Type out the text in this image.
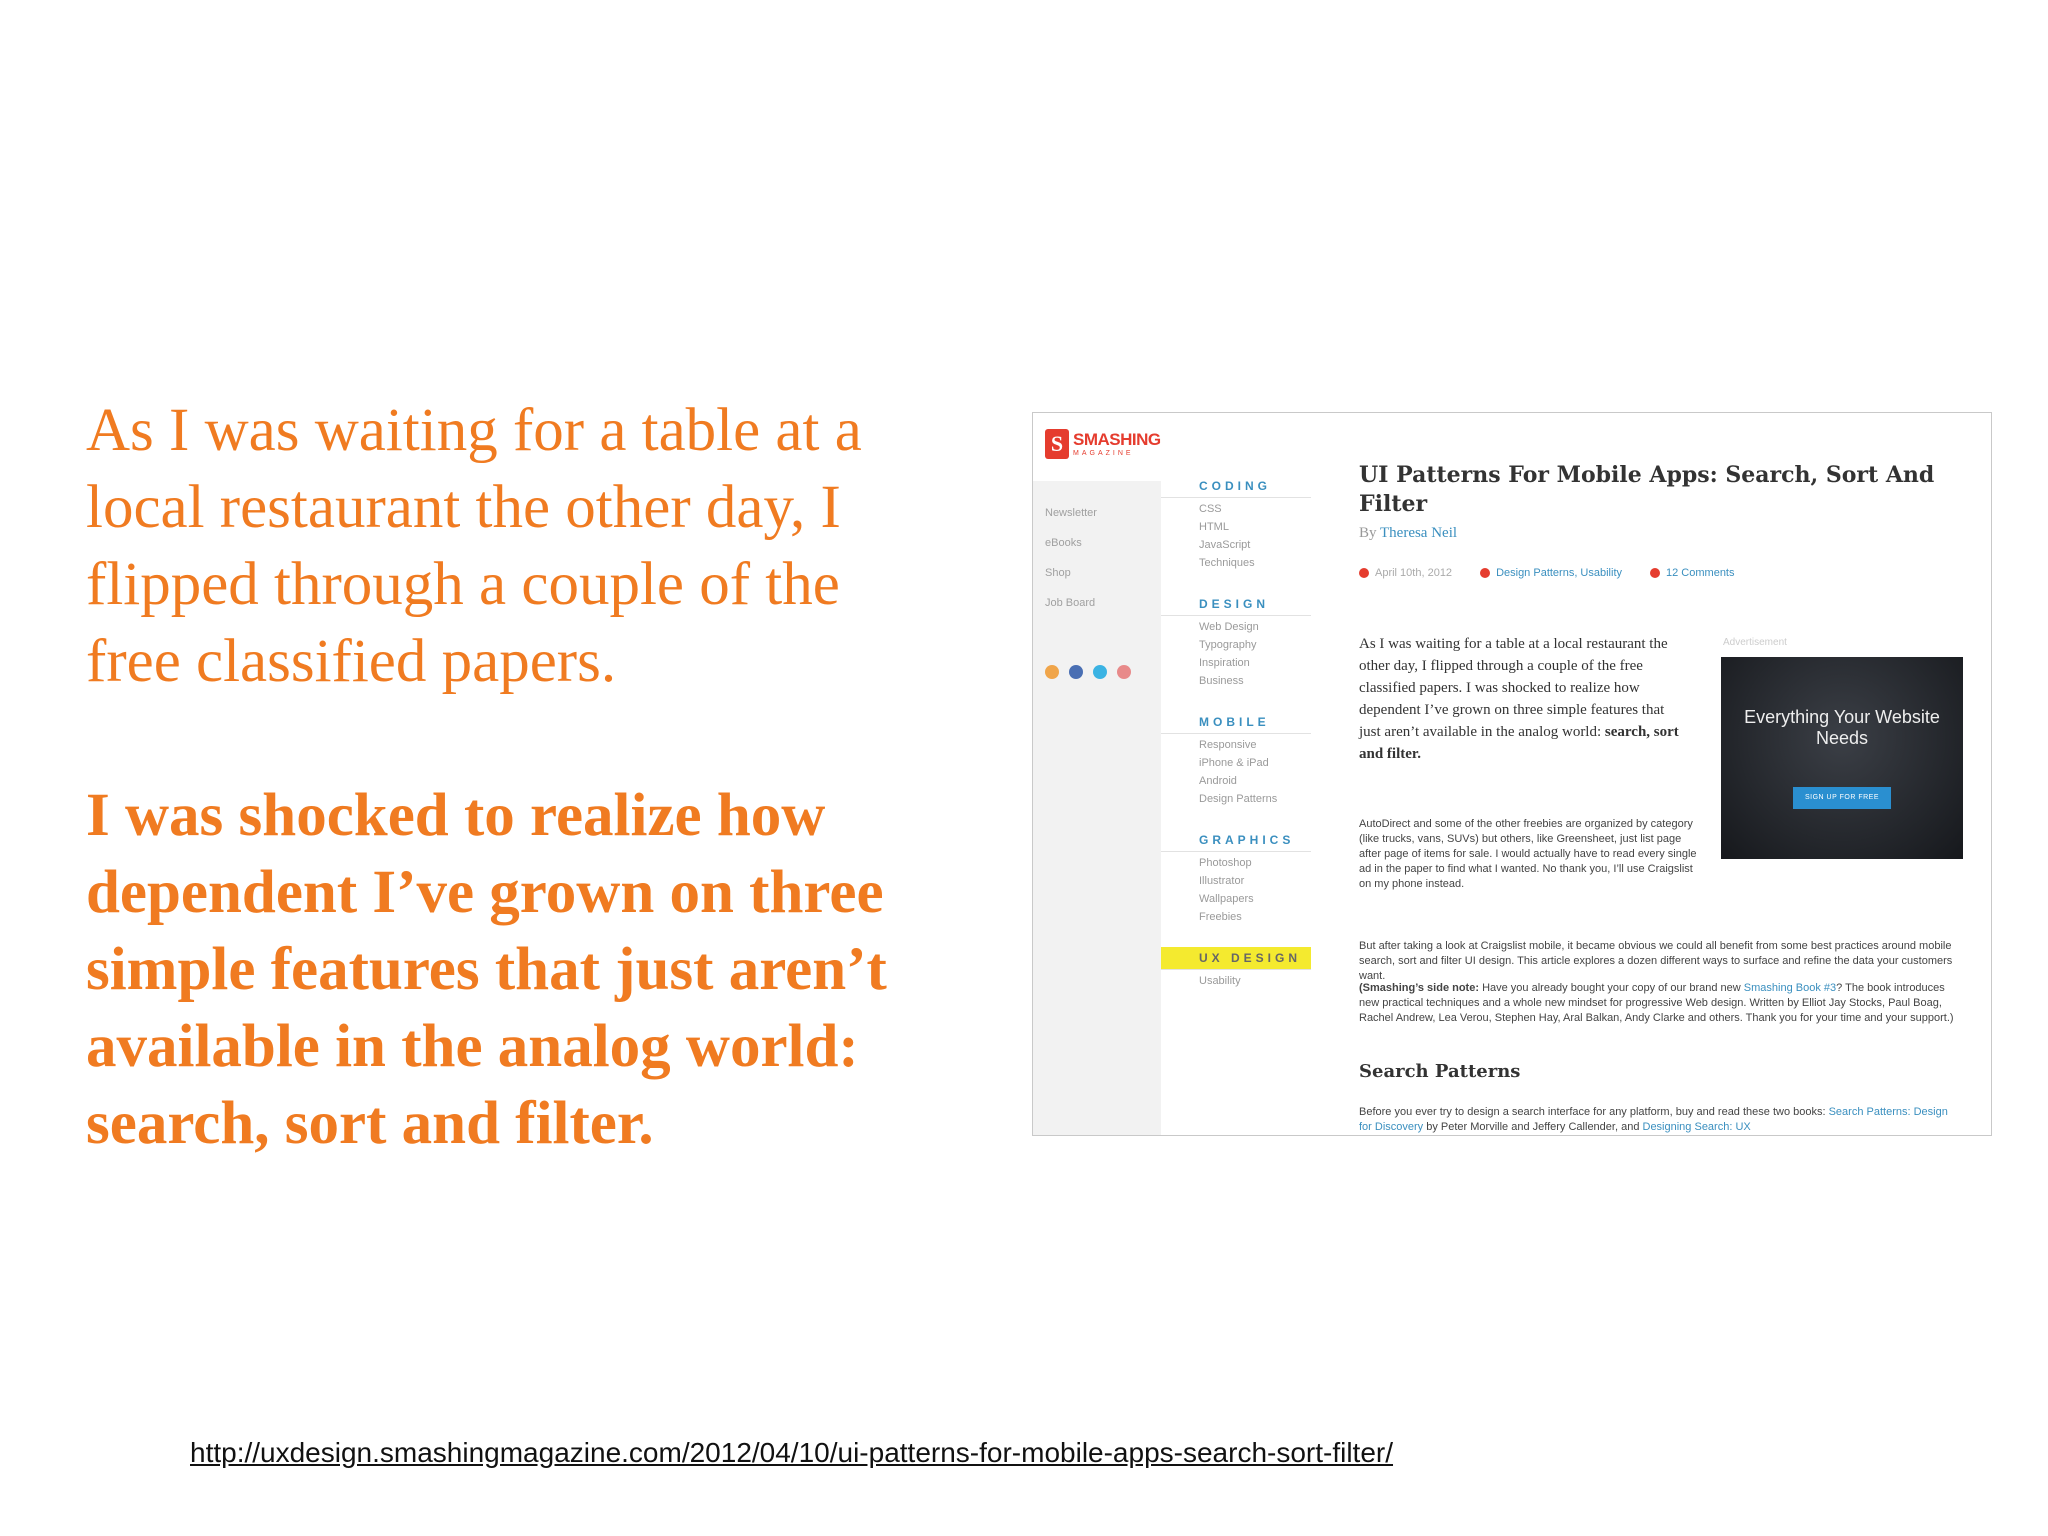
As I was waiting for a table at a local restaurant the other day, I flipped through a couple of the free classified papers.

I was shocked to realize how dependent I’ve grown on three simple features that just aren’t available in the analog world: search, sort and filter.

S SMASHING
MAGAZINE
Newsletter
eBooks
Shop
Job Board
CODING
CSS
HTML
JavaScript
Techniques
DESIGN
Web Design
Typography
Inspiration
Business
MOBILE
Responsive
iPhone & iPad
Android
Design Patterns
GRAPHICS
Photoshop
Illustrator
Wallpapers
Freebies
UX DESIGN
Usability
UI Patterns For Mobile Apps: Search, Sort And Filter
By Theresa Neil
April 10th, 2012	Design Patterns, Usability	12 Comments

As I was waiting for a table at a local restaurant the other day, I flipped through a couple of the free classified papers. I was shocked to realize how dependent I’ve grown on three simple features that just aren’t available in the analog world: search, sort and filter.

Advertisement
Everything Your Website Needs
SIGN UP FOR FREE

AutoDirect and some of the other freebies are organized by category (like trucks, vans, SUVs) but others, like Greensheet, just list page after page of items for sale. I would actually have to read every single ad in the paper to find what I wanted. No thank you, I’ll use Craigslist on my phone instead.

But after taking a look at Craigslist mobile, it became obvious we could all benefit from some best practices around mobile search, sort and filter UI design. This article explores a dozen different ways to surface and refine the data your customers want.

(Smashing’s side note: Have you already bought your copy of our brand new Smashing Book #3? The book introduces new practical techniques and a whole new mindset for progressive Web design. Written by Elliot Jay Stocks, Paul Boag, Rachel Andrew, Lea Verou, Stephen Hay, Aral Balkan, Andy Clarke and others. Thank you for your time and your support.)

Search Patterns

Before you ever try to design a search interface for any platform, buy and read these two books: Search Patterns: Design for Discovery by Peter Morville and Jeffery Callender, and Designing Search: UX

http://uxdesign.smashingmagazine.com/2012/04/10/ui-patterns-for-mobile-apps-search-sort-filter/
